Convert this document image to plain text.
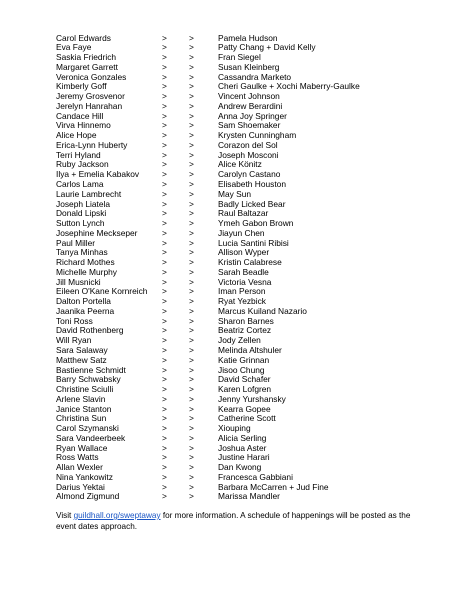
Carol Edwards	>	>	Pamela Hudson
Eva Faye	>	>	Patty Chang + David Kelly
Saskia Friedrich	>	>	Fran Siegel
Margaret Garrett	>	>	Susan Kleinberg
Veronica Gonzales	>	>	Cassandra Marketo
Kimberly Goff	>	>	Cheri Gaulke + Xochi Maberry-Gaulke
Jeremy Grosvenor	>	>	Vincent Johnson
Jerelyn Hanrahan	>	>	Andrew Berardini
Candace Hill	>	>	Anna Joy Springer
Virva Hinnemo	>	>	Sam Shoemaker
Alice Hope	>	>	Krysten Cunningham
Erica-Lynn Huberty	>	>	Corazon del Sol
Terri Hyland	>	>	Joseph Mosconi
Ruby Jackson	>	>	Alice Könitz
Ilya + Emelia Kabakov	>	>	Carolyn Castano
Carlos Lama	>	>	Elisabeth Houston
Laurie Lambrecht	>	>	May Sun
Joseph Liatela	>	>	Badly Licked Bear
Donald Lipski	>	>	Raul Baltazar
Sutton Lynch	>	>	Ymeh Gabon Brown
Josephine Meckseper	>	>	Jiayun Chen
Paul Miller	>	>	Lucia Santini Ribisi
Tanya Minhas	>	>	Allison Wyper
Richard Mothes	>	>	Kristin Calabrese
Michelle Murphy	>	>	Sarah Beadle
Jill Musnicki	>	>	Victoria Vesna
Eileen O'Kane Kornreich >	>	Iman Person
Dalton Portella	>	>	Ryat Yezbick
Jaanika Peerna	>	>	Marcus Kuiland Nazario
Toni Ross	>	>	Sharon Barnes
David Rothenberg	>	>	Beatriz Cortez
Will Ryan	>	>	Jody Zellen
Sara Salaway	>	>	Melinda Altshuler
Matthew Satz	>	>	Katie Grinnan
Bastienne Schmidt	>	>	Jisoo Chung
Barry Schwabsky	>	>	David Schafer
Christine Sciulli	>	>	Karen Lofgren
Arlene Slavin	>	>	Jenny Yurshansky
Janice Stanton	>	>	Kearra Gopee
Christina Sun	>	>	Catherine Scott
Carol Szymanski	>	>	Xiouping
Sara Vandeerbeek	>	>	Alicia Serling
Ryan Wallace	>	>	Joshua Aster
Ross Watts	>	>	Justine Harari
Allan Wexler	>	>	Dan Kwong
Nina Yankowitz	>	>	Francesca Gabbiani
Darius Yektai	>	>	Barbara McCarren + Jud Fine
Almond Zigmund	>	>	Marissa Mandler
Visit guildhall.org/sweptaway for more information. A schedule of happenings will be posted as the event dates approach.
